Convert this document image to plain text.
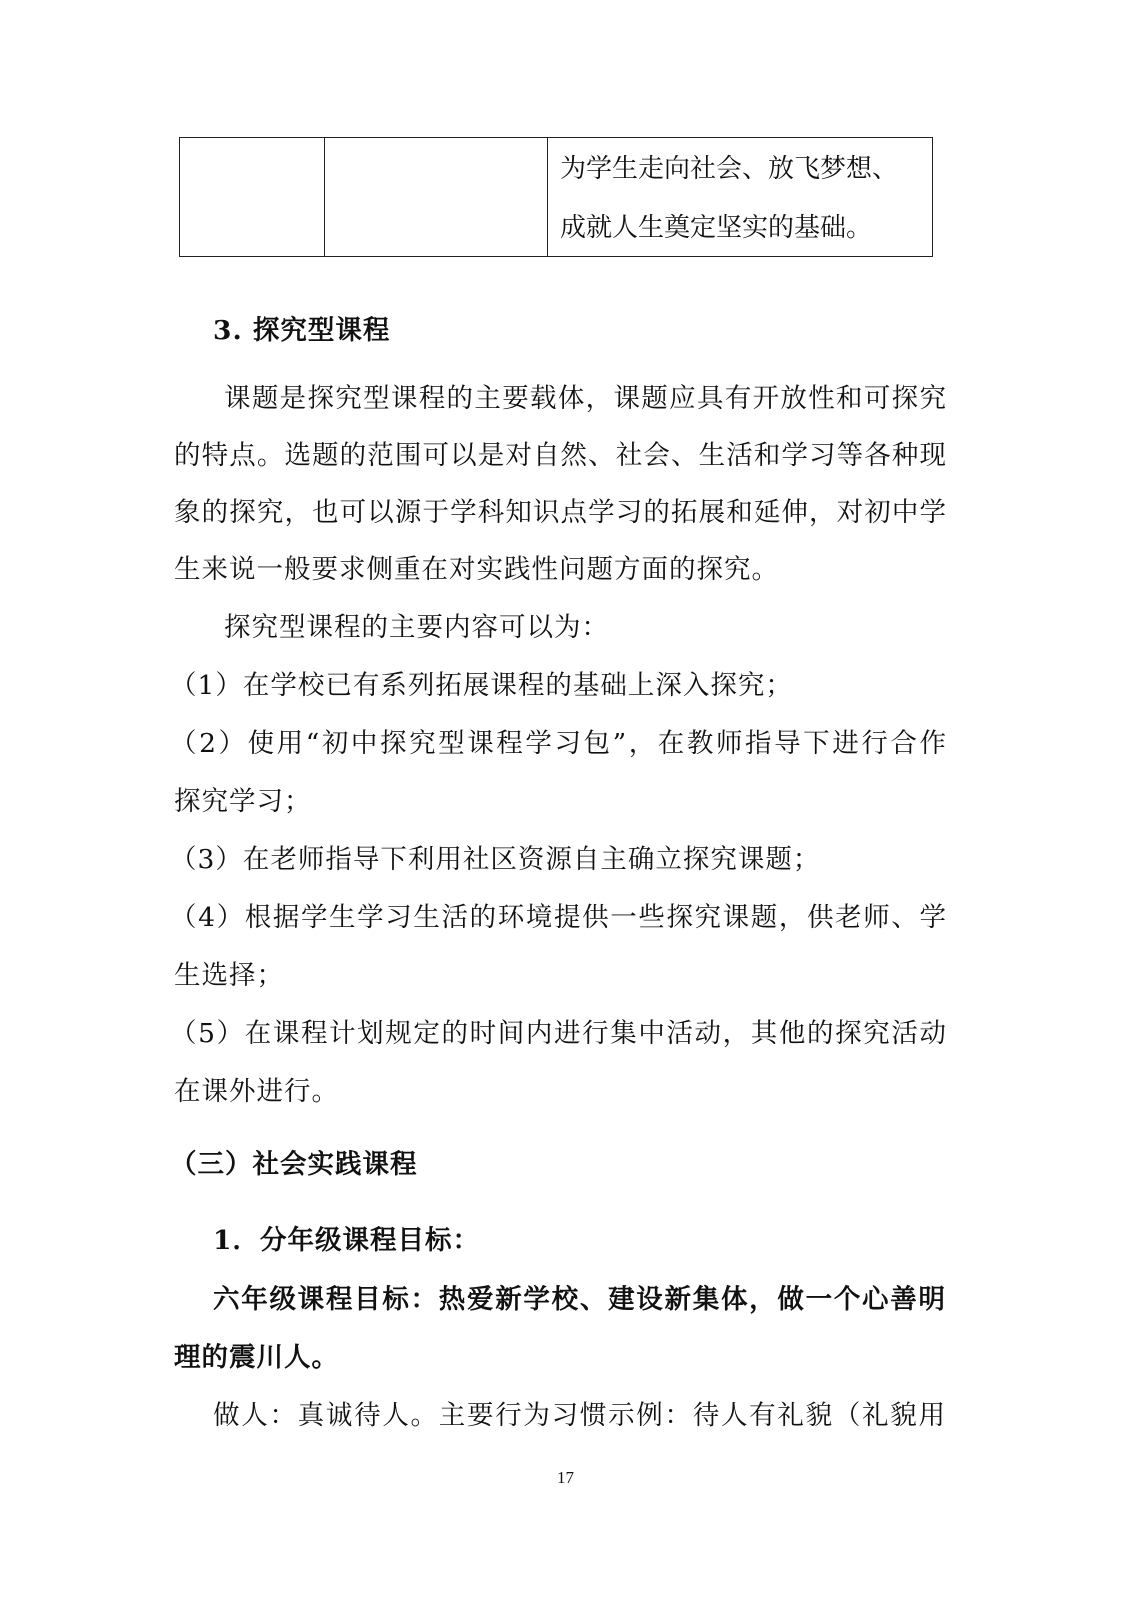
为学生走向社会、放飞梦想、
成就人生奠定坚实的基础。
3. 探究型课程
课题是探究型课程的主要载体，课题应具有开放性和可探究
的特点。选题的范围可以是对自然、社会、生活和学习等各种现
象的探究，也可以源于学科知识点学习的拓展和延伸，对初中学
生来说一般要求侧重在对实践性问题方面的探究。
探究型课程的主要内容可以为：
（1）在学校已有系列拓展课程的基础上深入探究；
（2）使用“初中探究型课程学习包”，在教师指导下进行合作
探究学习；
（3）在老师指导下利用社区资源自主确立探究课题；
（4）根据学生学习生活的环境提供一些探究课题，供老师、学
生选择；
（5）在课程计划规定的时间内进行集中活动，其他的探究活动
在课外进行。
（三）社会实践课程
1．分年级课程目标：
六年级课程目标：热爱新学校、建设新集体，做一个心善明
理的震川人。
做人：真诚待人。主要行为习惯示例：待人有礼貌（礼貌用
17
